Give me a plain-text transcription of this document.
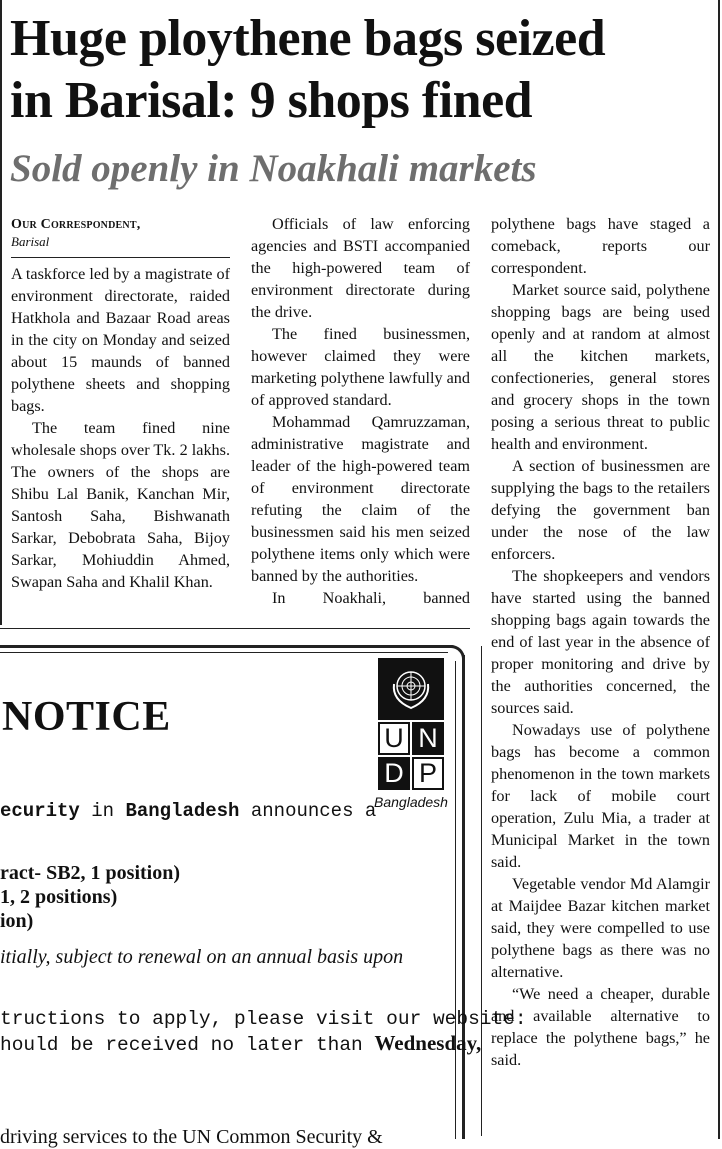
Huge ploythene bags seized
in Barisal: 9 shops fined
Sold openly in Noakhali markets
Our Correspondent,
Barisal

A taskforce led by a magistrate of environment directorate, raided Hatkhola and Bazaar Road areas in the city on Monday and seized about 15 maunds of banned polythene sheets and shopping bags.

The team fined nine wholesale shops over Tk. 2 lakhs. The owners of the shops are Shibu Lal Banik, Kanchan Mir, Santosh Saha, Bishwanath Sarkar, Debobrata Saha, Bijoy Sarkar, Mohiuddin Ahmed, Swapan Saha and Khalil Khan.

Officials of law enforcing agencies and BSTI accompanied the high-powered team of environment directorate during the drive.

The fined businessmen, however claimed they were marketing polythene lawfully and of approved standard.

Mohammad Qamruzzaman, administrative magistrate and leader of the high-powered team of environment directorate refuting the claim of the businessmen said his men seized polythene items only which were banned by the authorities.

In Noakhali, banned

polythene bags have staged a comeback, reports our correspondent.

Market source said, polythene shopping bags are being used openly and at random at almost all the kitchen markets, confectioneries, general stores and grocery shops in the town posing a serious threat to public health and environment.

A section of businessmen are supplying the bags to the retailers defying the government ban under the nose of the law enforcers.

The shopkeepers and vendors have started using the banned shopping bags again towards the end of last year in the absence of proper monitoring and drive by the authorities concerned, the sources said.

Nowadays use of polythene bags has become a common phenomenon in the town markets for lack of mobile court operation, Zulu Mia, a trader at Municipal Market in the town said.

Vegetable vendor Md Alamgir at Maijdee Bazar kitchen market said, they were compelled to use polythene bags as there was no alternative.

“We need a cheaper, durable and available alternative to replace the polythene bags,” he said.

NOTICE
ecurity in Bangladesh announces a
ract- SB2, 1 position)
1, 2 positions)
ion)
itially, subject to renewal on an annual basis upon
tructions to apply, please visit our website:
hould be received no later than Wednesday,
driving services to the UN Common Security &
U N
D P
Bangladesh
